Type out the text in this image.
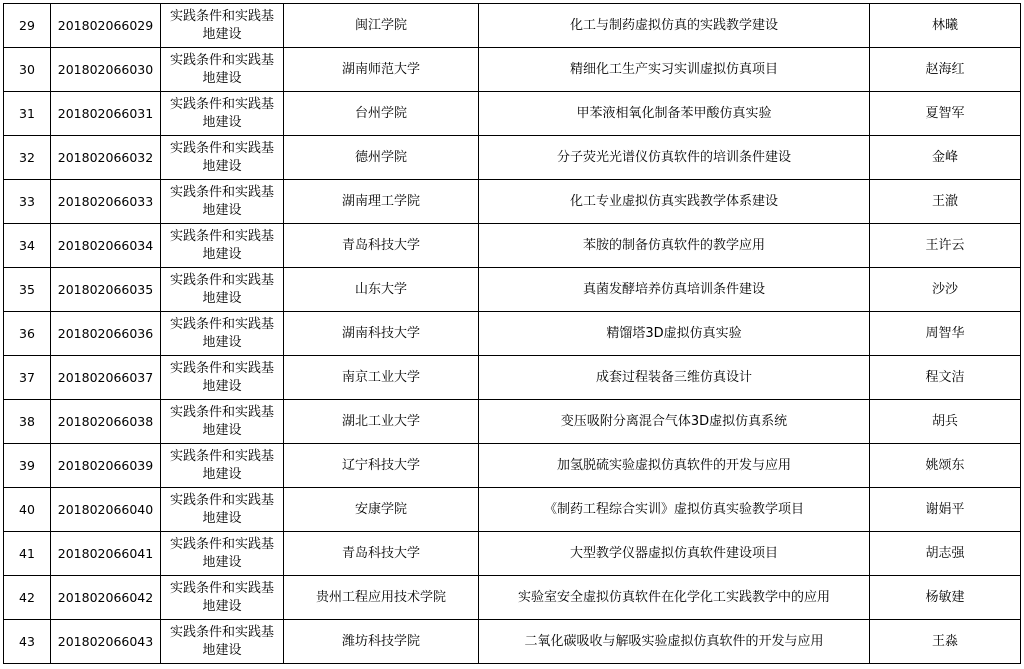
29	201802066029	实践条件和实践基地建设	闽江学院	化工与制药虚拟仿真的实践教学建设	林曦
30	201802066030	实践条件和实践基地建设	湖南师范大学	精细化工生产实习实训虚拟仿真项目	赵海红
31	201802066031	实践条件和实践基地建设	台州学院	甲苯液相氧化制备苯甲酸仿真实验	夏智军
32	201802066032	实践条件和实践基地建设	德州学院	分子荧光光谱仪仿真软件的培训条件建设	金峰
33	201802066033	实践条件和实践基地建设	湖南理工学院	化工专业虚拟仿真实践教学体系建设	王澈
34	201802066034	实践条件和实践基地建设	青岛科技大学	苯胺的制备仿真软件的教学应用	王许云
35	201802066035	实践条件和实践基地建设	山东大学	真菌发酵培养仿真培训条件建设	沙沙
36	201802066036	实践条件和实践基地建设	湖南科技大学	精馏塔3D虚拟仿真实验	周智华
37	201802066037	实践条件和实践基地建设	南京工业大学	成套过程装备三维仿真设计	程文洁
38	201802066038	实践条件和实践基地建设	湖北工业大学	变压吸附分离混合气体3D虚拟仿真系统	胡兵
39	201802066039	实践条件和实践基地建设	辽宁科技大学	加氢脱硫实验虚拟仿真软件的开发与应用	姚颂东
40	201802066040	实践条件和实践基地建设	安康学院	《制药工程综合实训》虚拟仿真实验教学项目	谢娟平
41	201802066041	实践条件和实践基地建设	青岛科技大学	大型教学仪器虚拟仿真软件建设项目	胡志强
42	201802066042	实践条件和实践基地建设	贵州工程应用技术学院	实验室安全虚拟仿真软件在化学化工实践教学中的应用	杨敏建
43	201802066043	实践条件和实践基地建设	潍坊科技学院	二氧化碳吸收与解吸实验虚拟仿真软件的开发与应用	王淼
